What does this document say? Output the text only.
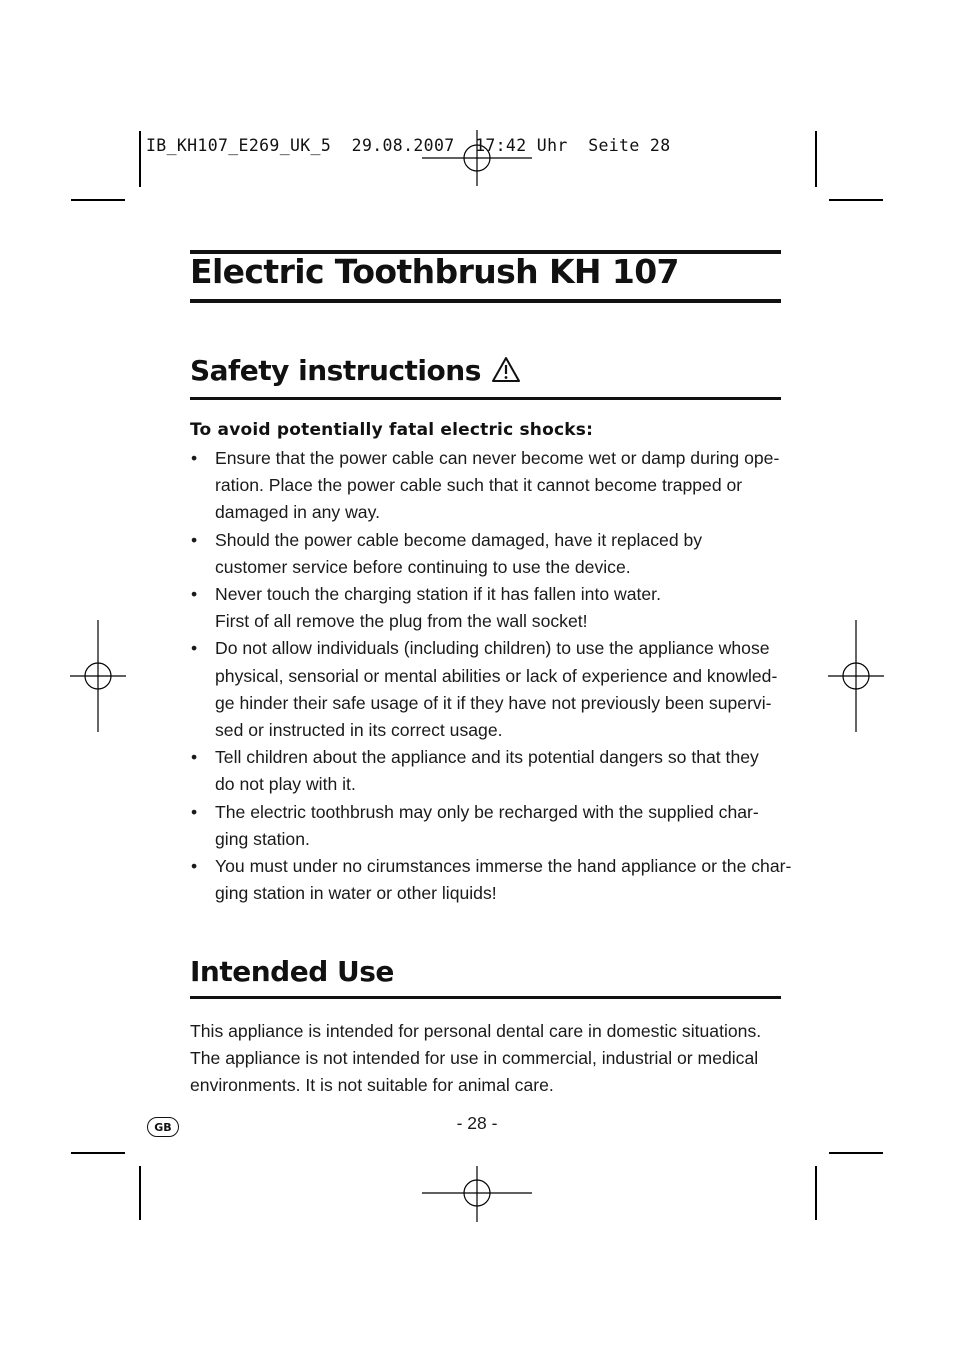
IB_KH107_E269_UK_5  29.08.2007  17:42 Uhr  Seite 28
Electric Toothbrush KH 107
Safety instructions
To avoid potentially fatal electric shocks:
• Ensure that the power cable can never become wet or damp during ope-
ration. Place the power cable such that it cannot become trapped or
damaged in any way.
• Should the power cable become damaged, have it replaced by
customer service before continuing to use the device.
• Never touch the charging station if it has fallen into water.
First of all remove the plug from the wall socket!
• Do not allow individuals (including children) to use the appliance whose
physical, sensorial or mental abilities or lack of experience and knowled-
ge hinder their safe usage of it if they have not previously been supervi-
sed or instructed in its correct usage.
• Tell children about the appliance and its potential dangers so that they
do not play with it.
• The electric toothbrush may only be recharged with the supplied char-
ging station.
• You must under no cirumstances immerse the hand appliance or the char-
ging station in water or other liquids!
Intended Use
This appliance is intended for personal dental care in domestic situations.
The appliance is not intended for use in commercial, industrial or medical
environments. It is not suitable for animal care.
GB	- 28 -
